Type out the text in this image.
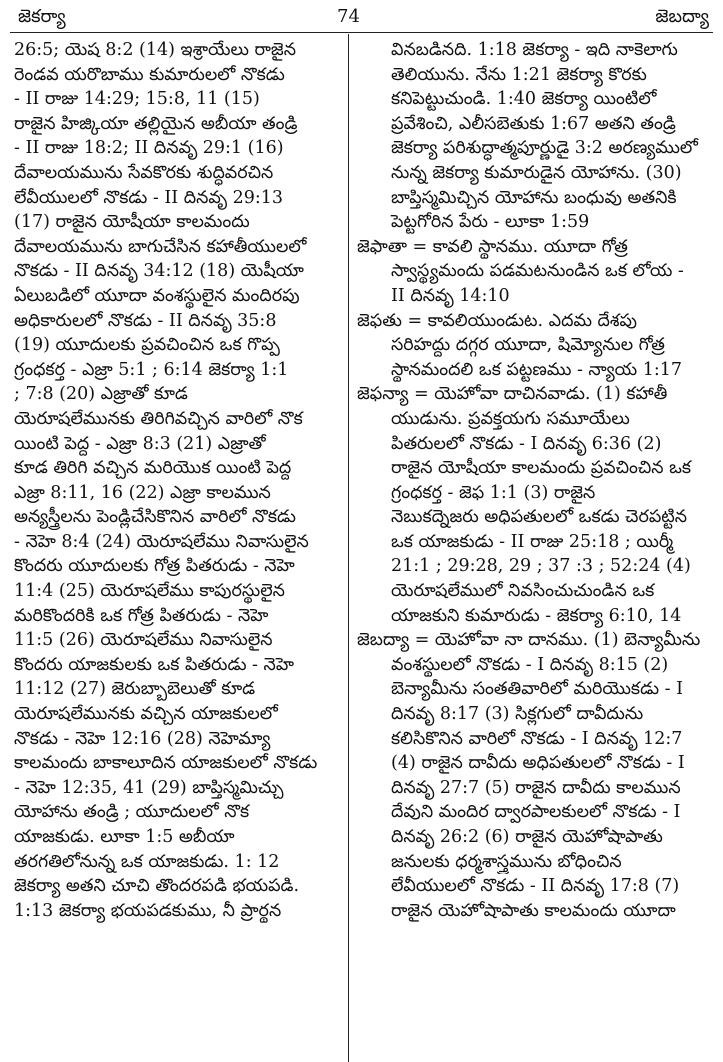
జెకర్యా	74	జెబద్యా
26:5; యెష 8:2 (14) ఇశ్రాయేలు రాజైన
రెండవ యరొబాము కుమారులలో నొకడు
- II రాజు 14:29; 15:8, 11 (15)
రాజైన హిజ్కియా తల్లియైన అబీయా తండ్రి
- II రాజు 18:2; II దినవృ 29:1 (16)
దేవాలయమును సేవకొరకు శుద్ధివరచిన
లేవీయులలో నొకడు - II దినవృ 29:13
(17) రాజైన యోషీయా కాలమందు
దేవాలయమును బాగుచేసిన కహాతీయులలో
నొకడు - II దినవృ 34:12 (18) యెషీయా
ఏలుబడిలో యూదా వంశస్థులైన మందిరపు
అధికారులలో నొకడు - II దినవృ 35:8
(19) యూదులకు ప్రవచించిన ఒక గొప్ప
గ్రంధకర్త - ఎజ్రా 5:1 ; 6:14 జెకర్యా 1:1
; 7:8 (20) ఎజ్రాతో కూడ
యెరూషలేమునకు తిరిగివచ్చిన వారిలో నొక
యింటి పెద్ద - ఎజ్రా 8:3 (21) ఎజ్రాతో
కూడ తిరిగి వచ్చిన మరియొక యింటి పెద్ద
ఎజ్రా 8:11, 16 (22) ఎజ్రా కాలమున
అన్యస్త్రీలను పెండ్లిచేసికొనిన వారిలో నొకడు
- నెహె 8:4 (24) యెరూషలేము నివాసులైన
కొందరు యూదులకు గోత్ర పితరుడు - నెహె
11:4 (25) యెరూషలేము కాపురస్థులైన
మరికొందరికి ఒక గోత్ర పితరుడు - నెహె
11:5 (26) యెరూషలేము నివాసులైన
కొందరు యాజకులకు ఒక పితరుడు - నెహె
11:12 (27) జెరుబ్బాబెలుతో కూడ
యెరూషలేమునకు వచ్చిన యాజకులలో
నొకడు - నెహె 12:16 (28) నెహెమ్యా
కాలమందు బాకాలూదిన యాజకులలో నొకడు
- నెహె 12:35, 41 (29) బాప్తిస్మమిచ్చు
యోహాను తండ్రి ; యూదులలో నొక
యాజకుడు. లూకా 1:5 అబీయా
తరగతిలోనున్న ఒక యాజకుడు. 1: 12
జెకర్యా అతని చూచి తొందరపడి భయపడి.
1:13 జెకర్యా భయపడకుము, నీ ప్రార్థన
వినబడినది. 1:18 జెకర్యా - ఇది నాకెలాగు
తెలియును. నేను 1:21 జెకర్యా కొరకు
కనిపెట్టుచుండి. 1:40 జెకర్యా యింటిలో
ప్రవేశించి, ఎలీసబెతుకు 1:67 అతని తండ్రి
జెకర్యా పరిశుద్ధాత్మపూర్ణుడై 3:2 అరణ్యములో
నున్న జెకర్యా కుమారుడైన యోహాను. (30)
బాప్తిస్మమిచ్చిన యోహాను బంధువు అతనికి
పెట్టగోరిన పేరు - లూకా 1:59
జెఫాతా = కావలి స్థానము. యూదా గోత్ర
స్వాస్థ్యమందు పడమటనుండిన ఒక లోయ -
II దినవృ 14:10
జెఫతు = కావలియుండుట. ఎదమ దేశపు
సరిహద్దు దగ్గర యూదా, షిమ్యోనుల గోత్ర
స్థానమందలి ఒక పట్టణము - న్యాయ 1:17
జెఫన్యా = యెహోవా దాచినవాడు. (1) కహాతీ
యుడును. ప్రవక్తయగు సమూయేలు
పితరులలో నొకడు - I దినవృ 6:36 (2)
రాజైన యోషీయా కాలమందు ప్రవచించిన ఒక
గ్రంధకర్త - జెఫ 1:1 (3) రాజైన
నెబుకద్నెజరు అధిపతులలో ఒకడు చెరపట్టిన
ఒక యాజకుడు - II రాజు 25:18 ; యిర్మీ
21:1 ; 29:28, 29 ; 37 :3 ; 52:24 (4)
యెరూషలేములో నివసించుచుండిన ఒక
యాజకుని కుమారుడు - జెకర్యా 6:10, 14
జెబద్యా = యెహోవా నా దానము. (1) బెన్యామీను
వంశస్థులలో నొకడు - I దినవృ 8:15 (2)
బెన్యామీను సంతతివారిలో మరియొకడు - I
దినవృ 8:17 (3) సిక్లగులో దావీదును
కలిసికొనిన వారిలో నొకడు - I దినవృ 12:7
(4) రాజైన దావీదు అధిపతులలో నొకడు - I
దినవృ 27:7 (5) రాజైన దావీదు కాలమున
దేవుని మందిర ద్వారపాలకులలో నొకడు - I
దినవృ 26:2 (6) రాజైన యెహోషాపాతు
జనులకు ధర్మశాస్త్రమును బోధించిన
లేవీయులలో నొకడు - II దినవృ 17:8 (7)
రాజైన యెహోషాపాతు కాలమందు యూదా
